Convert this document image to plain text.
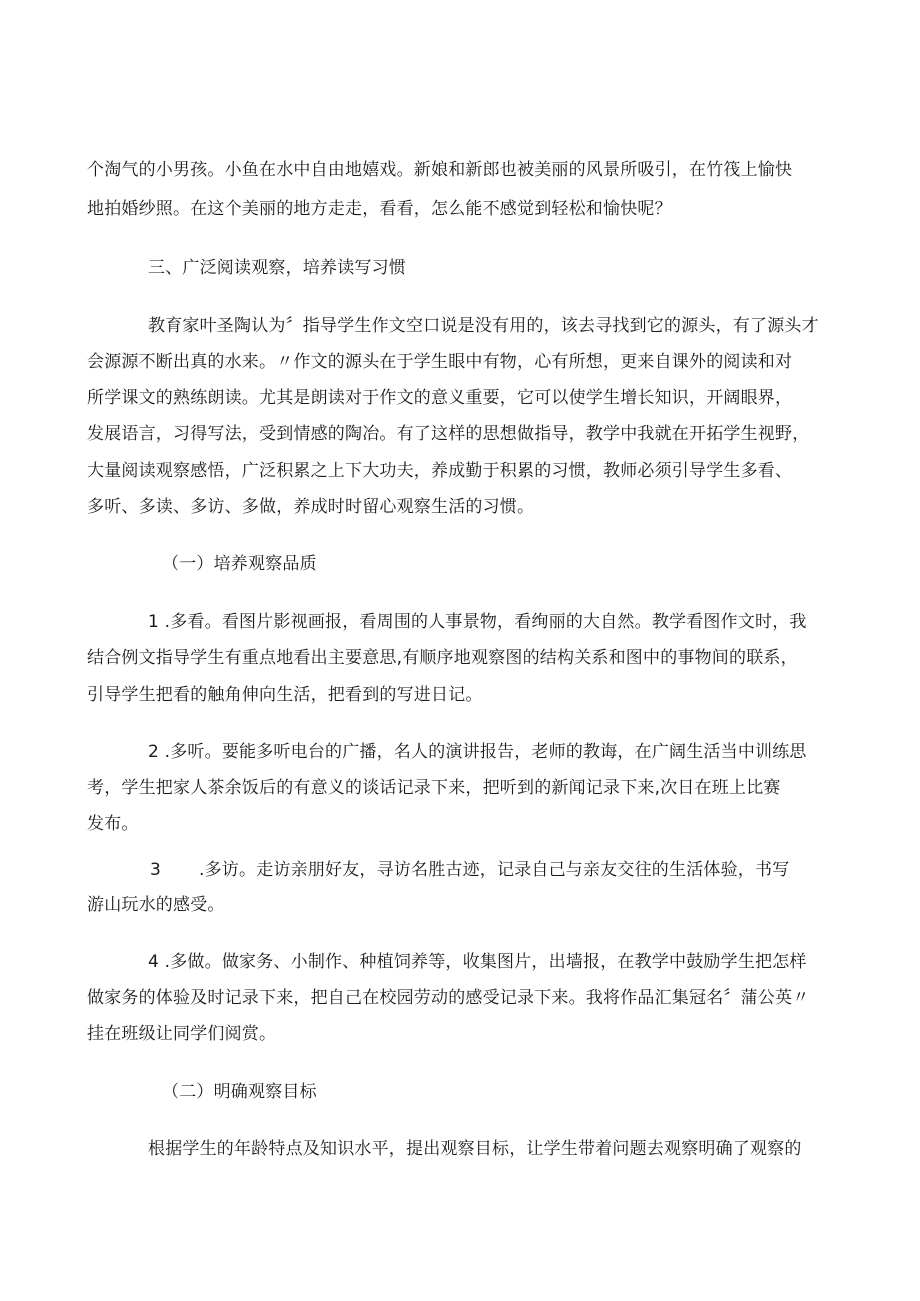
个淘气的小男孩。小鱼在水中自由地嬉戏。新娘和新郎也被美丽的风景所吸引，在竹筏上愉快
地拍婚纱照。在这个美丽的地方走走，看看，怎么能不感觉到轻松和愉快呢？
三、广泛阅读观察，培养读写习惯
教育家叶圣陶认为〞指导学生作文空口说是没有用的，该去寻找到它的源头，有了源头才
会源源不断出真的水来。〃作文的源头在于学生眼中有物，心有所想，更来自课外的阅读和对
所学课文的熟练朗读。尤其是朗读对于作文的意义重要，它可以使学生增长知识，开阔眼界，
发展语言，习得写法，受到情感的陶冶。有了这样的思想做指导，教学中我就在开拓学生视野，
大量阅读观察感悟，广泛积累之上下大功夫，养成勤于积累的习惯，教师必须引导学生多看、
多听、多读、多访、多做，养成时时留心观察生活的习惯。
（一）培养观察品质
1 .多看。看图片影视画报，看周围的人事景物，看绚丽的大自然。教学看图作文时，我
结合例文指导学生有重点地看出主要意思,有顺序地观察图的结构关系和图中的事物间的联系，
引导学生把看的触角伸向生活，把看到的写进日记。
2 .多听。要能多听电台的广播，名人的演讲报告，老师的教诲，在广阔生活当中训练思
考，学生把家人茶余饭后的有意义的谈话记录下来，把听到的新闻记录下来,次日在班上比赛
发布。
3 .多访。走访亲朋好友，寻访名胜古迹，记录自己与亲友交往的生活体验，书写
游山玩水的感受。
4 .多做。做家务、小制作、种植饲养等，收集图片，出墙报，在教学中鼓励学生把怎样
做家务的体验及时记录下来，把自己在校园劳动的感受记录下来。我将作品汇集冠名〞蒲公英〃
挂在班级让同学们阅赏。
（二）明确观察目标
根据学生的年龄特点及知识水平，提出观察目标，让学生带着问题去观察明确了观察的
